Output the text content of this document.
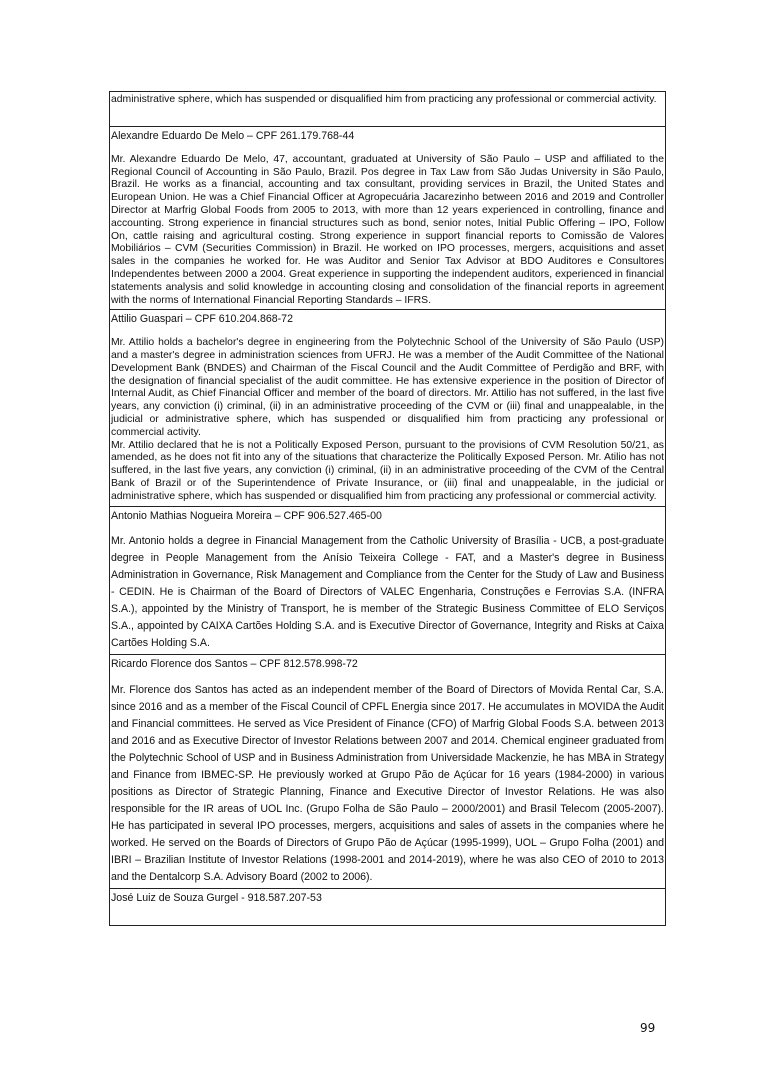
administrative sphere, which has suspended or disqualified him from practicing any professional or commercial activity.

Alexandre Eduardo De Melo – CPF 261.179.768-44

Mr. Alexandre Eduardo De Melo, 47, accountant, graduated at University of São Paulo – USP and affiliated to the Regional Council of Accounting in São Paulo, Brazil. Pos degree in Tax Law from São Judas University in São Paulo, Brazil. He works as a financial, accounting and tax consultant, providing services in Brazil, the United States and European Union. He was a Chief Financial Officer at Agropecuária Jacarezinho between 2016 and 2019 and Controller Director at Marfrig Global Foods from 2005 to 2013, with more than 12 years experienced in controlling, finance and accounting. Strong experience in financial structures such as bond, senior notes, Initial Public Offering – IPO, Follow On, cattle raising and agricultural costing. Strong experience in support financial reports to Comissão de Valores Mobiliários – CVM (Securities Commission) in Brazil. He worked on IPO processes, mergers, acquisitions and asset sales in the companies he worked for. He was Auditor and Senior Tax Advisor at BDO Auditores e Consultores Independentes between 2000 a 2004. Great experience in supporting the independent auditors, experienced in financial statements analysis and solid knowledge in accounting closing and consolidation of the financial reports in agreement with the norms of International Financial Reporting Standards – IFRS.

Attilio Guaspari – CPF 610.204.868-72

Mr. Attilio holds a bachelor's degree in engineering from the Polytechnic School of the University of São Paulo (USP) and a master's degree in administration sciences from UFRJ. He was a member of the Audit Committee of the National Development Bank (BNDES) and Chairman of the Fiscal Council and the Audit Committee of Perdigão and BRF, with the designation of financial specialist of the audit committee. He has extensive experience in the position of Director of Internal Audit, as Chief Financial Officer and member of the board of directors. Mr. Attilio has not suffered, in the last five years, any conviction (i) criminal, (ii) in an administrative proceeding of the CVM or (iii) final and unappealable, in the judicial or administrative sphere, which has suspended or disqualified him from practicing any professional or commercial activity.

Mr. Attilio declared that he is not a Politically Exposed Person, pursuant to the provisions of CVM Resolution 50/21, as amended, as he does not fit into any of the situations that characterize the Politically Exposed Person. Mr. Atilio has not suffered, in the last five years, any conviction (i) criminal, (ii) in an administrative proceeding of the CVM of the Central Bank of Brazil or of the Superintendence of Private Insurance, or (iii) final and unappealable, in the judicial or administrative sphere, which has suspended or disqualified him from practicing any professional or commercial activity.

Antonio Mathias Nogueira Moreira – CPF 906.527.465-00

Mr. Antonio holds a degree in Financial Management from the Catholic University of Brasília - UCB, a post-graduate degree in People Management from the Anísio Teixeira College - FAT, and a Master's degree in Business Administration in Governance, Risk Management and Compliance from the Center for the Study of Law and Business - CEDIN. He is Chairman of the Board of Directors of VALEC Engenharia, Construções e Ferrovias S.A. (INFRA S.A.), appointed by the Ministry of Transport, he is member of the Strategic Business Committee of ELO Serviços S.A., appointed by CAIXA Cartões Holding S.A. and is Executive Director of Governance, Integrity and Risks at Caixa Cartões Holding S.A.

Ricardo Florence dos Santos – CPF 812.578.998-72

Mr. Florence dos Santos has acted as an independent member of the Board of Directors of Movida Rental Car, S.A. since 2016 and as a member of the Fiscal Council of CPFL Energia since 2017. He accumulates in MOVIDA the Audit and Financial committees. He served as Vice President of Finance (CFO) of Marfrig Global Foods S.A. between 2013 and 2016 and as Executive Director of Investor Relations between 2007 and 2014. Chemical engineer graduated from the Polytechnic School of USP and in Business Administration from Universidade Mackenzie, he has MBA in Strategy and Finance from IBMEC-SP. He previously worked at Grupo Pão de Açúcar for 16 years (1984-2000) in various positions as Director of Strategic Planning, Finance and Executive Director of Investor Relations. He was also responsible for the IR areas of UOL Inc. (Grupo Folha de São Paulo – 2000/2001) and Brasil Telecom (2005-2007). He has participated in several IPO processes, mergers, acquisitions and sales of assets in the companies where he worked. He served on the Boards of Directors of Grupo Pão de Açúcar (1995-1999), UOL – Grupo Folha (2001) and IBRI – Brazilian Institute of Investor Relations (1998-2001 and 2014-2019), where he was also CEO of 2010 to 2013 and the Dentalcorp S.A. Advisory Board (2002 to 2006).

José Luiz de Souza Gurgel - 918.587.207-53
99
